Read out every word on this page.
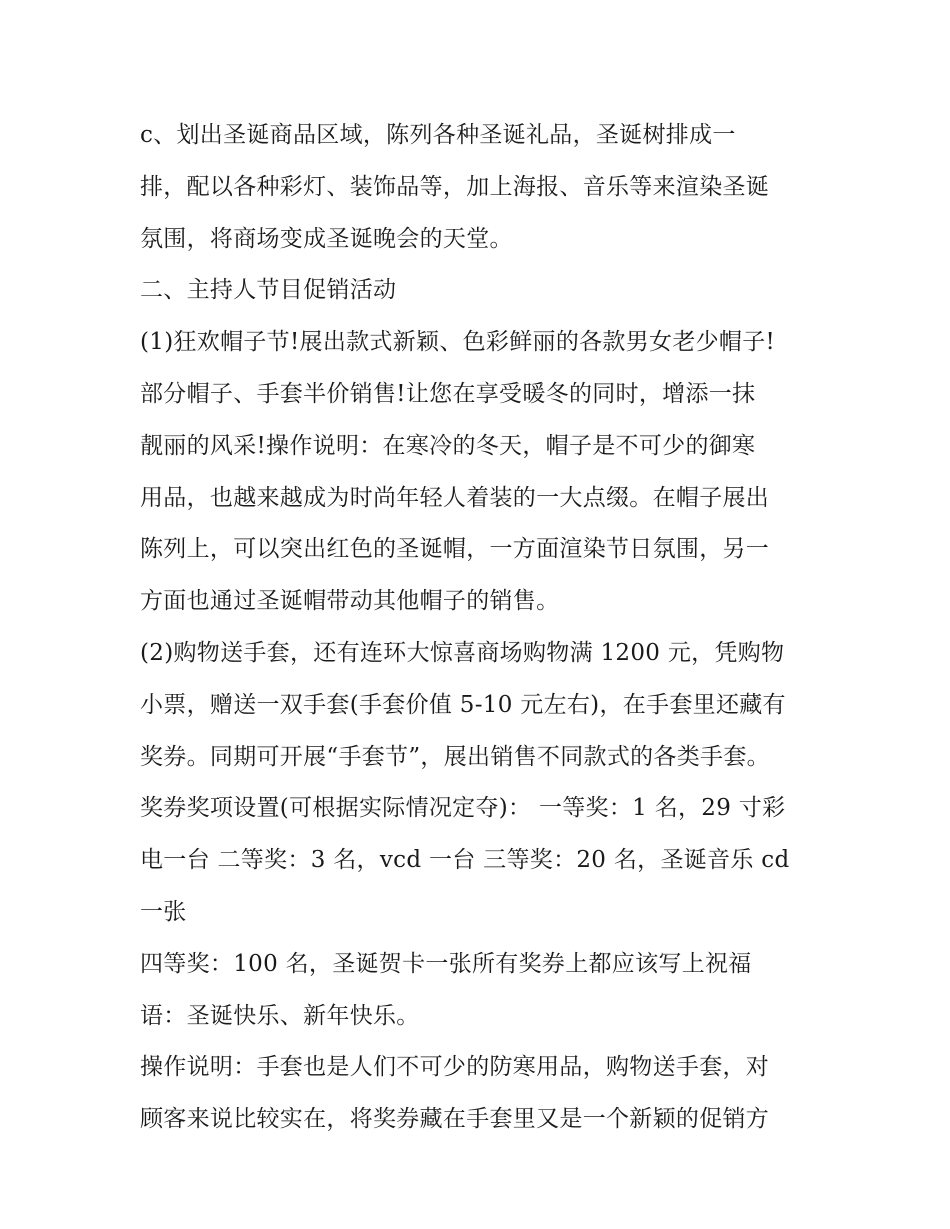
c、划出圣诞商品区域，陈列各种圣诞礼品，圣诞树排成一
排，配以各种彩灯、装饰品等，加上海报、音乐等来渲染圣诞
氛围，将商场变成圣诞晚会的天堂。
二、主持人节目促销活动
(1)狂欢帽子节!展出款式新颖、色彩鲜丽的各款男女老少帽子!
部分帽子、手套半价销售!让您在享受暖冬的同时，增添一抹
靓丽的风采!操作说明：在寒冷的冬天，帽子是不可少的御寒
用品，也越来越成为时尚年轻人着装的一大点缀。在帽子展出
陈列上，可以突出红色的圣诞帽，一方面渲染节日氛围，另一
方面也通过圣诞帽带动其他帽子的销售。
(2)购物送手套，还有连环大惊喜商场购物满 1200 元，凭购物
小票，赠送一双手套(手套价值 5-10 元左右)，在手套里还藏有
奖券。同期可开展“手套节”，展出销售不同款式的各类手套。
奖券奖项设置(可根据实际情况定夺)： 一等奖：1 名，29 寸彩
电一台 二等奖：3 名，vcd 一台 三等奖：20 名，圣诞音乐 cd
一张
四等奖：100 名，圣诞贺卡一张所有奖券上都应该写上祝福
语：圣诞快乐、新年快乐。
操作说明：手套也是人们不可少的防寒用品，购物送手套，对
顾客来说比较实在，将奖券藏在手套里又是一个新颖的促销方
